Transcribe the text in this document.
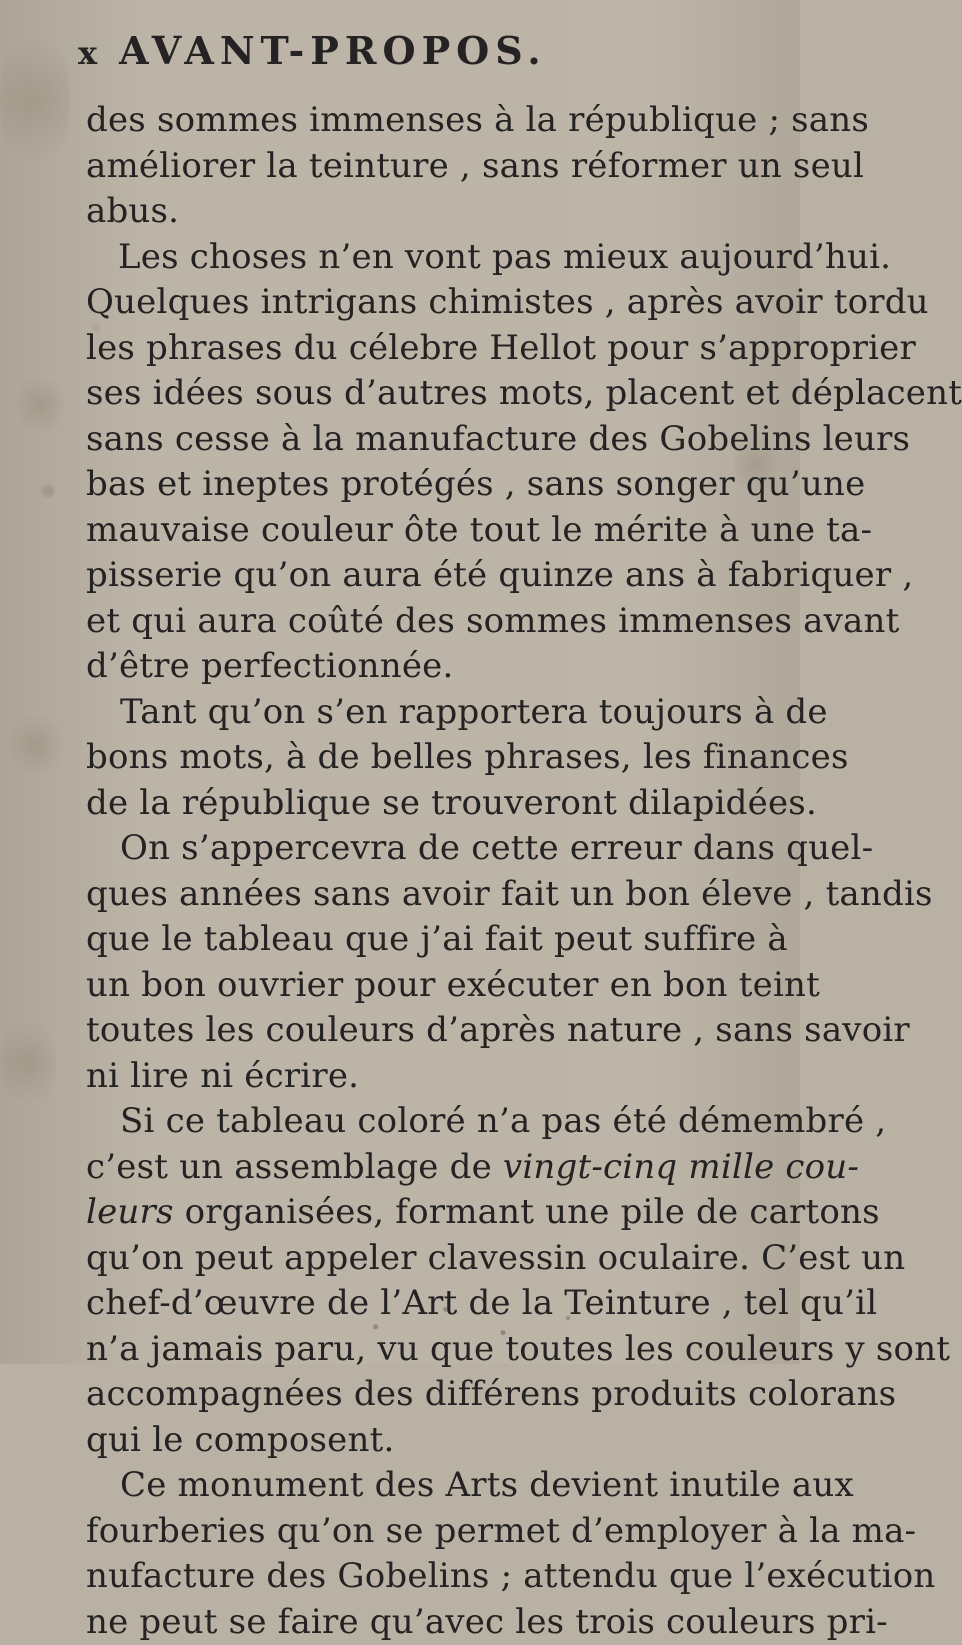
x AVANT-PROPOS.
des sommes immenses à la république ; sans
améliorer la teinture , sans réformer un seul
abus.
Les choses n’en vont pas mieux aujourd’hui.
Quelques intrigans chimistes , après avoir tordu
les phrases du célebre Hellot pour s’approprier
ses idées sous d’autres mots, placent et déplacent
sans cesse à la manufacture des Gobelins leurs
bas et ineptes protégés , sans songer qu’une
mauvaise couleur ôte tout le mérite à une ta-
pisserie qu’on aura été quinze ans à fabriquer ,
et qui aura coûté des sommes immenses avant
d’être perfectionnée.
Tant qu’on s’en rapportera toujours à de
bons mots, à de belles phrases, les finances
de la république se trouveront dilapidées.
On s’appercevra de cette erreur dans quel-
ques années sans avoir fait un bon éleve , tandis
que le tableau que j’ai fait peut suffire à
un bon ouvrier pour exécuter en bon teint
toutes les couleurs d’après nature , sans savoir
ni lire ni écrire.
Si ce tableau coloré n’a pas été démembré ,
c’est un assemblage de vingt-cinq mille cou-
leurs organisées, formant une pile de cartons
qu’on peut appeler clavessin oculaire. C’est un
chef-d’œuvre de l’Art de la Teinture , tel qu’il
n’a jamais paru, vu que toutes les couleurs y sont
accompagnées des différens produits colorans
qui le composent.
Ce monument des Arts devient inutile aux
fourberies qu’on se permet d’employer à la ma-
nufacture des Gobelins ; attendu que l’exécution
ne peut se faire qu’avec les trois couleurs pri-
